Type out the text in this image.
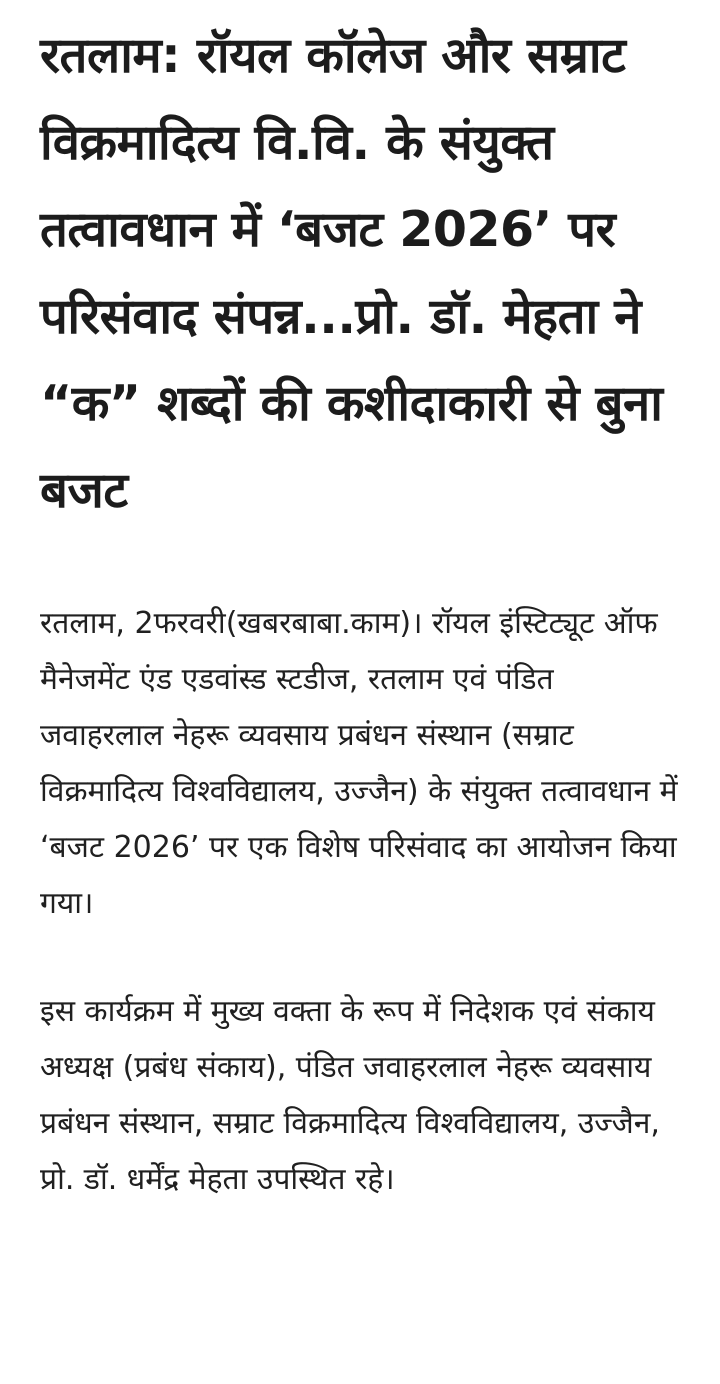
रतलाम: रॉयल कॉलेज और सम्राट विक्रमादित्य वि.वि. के संयुक्त तत्वावधान में ‘बजट 2026’ पर परिसंवाद संपन्न...प्रो. डॉ. मेहता ने “क” शब्दों की कशीदाकारी से बुना बजट

रतलाम, 2फरवरी(खबरबाबा.काम)। रॉयल इंस्टिट्यूट ऑफ मैनेजमेंट एंड एडवांस्ड स्टडीज, रतलाम एवं पंडित जवाहरलाल नेहरू व्यवसाय प्रबंधन संस्थान (सम्राट विक्रमादित्य विश्वविद्यालय, उज्जैन) के संयुक्त तत्वावधान में ‘बजट 2026’ पर एक विशेष परिसंवाद का आयोजन किया गया।

इस कार्यक्रम में मुख्य वक्ता के रूप में निदेशक एवं संकाय अध्यक्ष (प्रबंध संकाय), पंडित जवाहरलाल नेहरू व्यवसाय प्रबंधन संस्थान, सम्राट विक्रमादित्य विश्वविद्यालय, उज्जैन, प्रो. डॉ. धर्मेंद्र मेहता उपस्थित रहे।
